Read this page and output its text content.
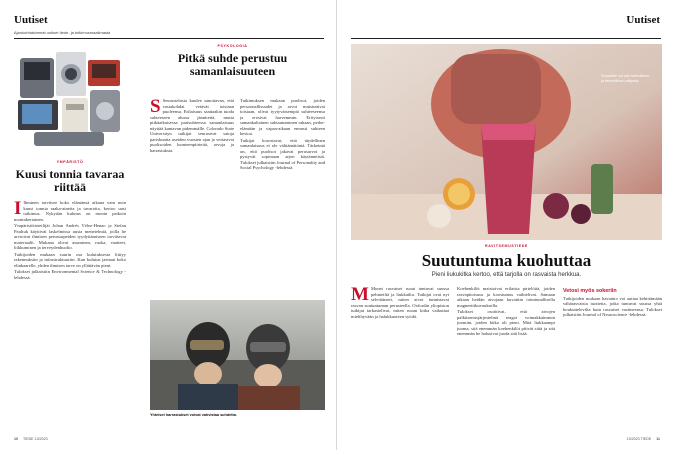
Uutiset
Ajankohtaisimmat uutiset tiede- ja tutkimusmaailmasta
YMPÄRISTÖ
Kuusi tonnia tavaraa riittää

I Ihminen tarvitsee koko elämänsä aikana vain noin kuusi tonnia raaka-aineita ja tavaroita, kertoo uusi tutkimus. Nykyään kulutus on monin paikoin moninkertainen.

Ympäristötieteilijät Johan Andrés Vélez-Henao ja Stefan Pauliuk käyttivät laskelmissa uusia menetelmiä, joilla he arvioivat ihmisen perustarpeiden tyydyttämiseen tarvittavat materiaalit. Mukana olivat asuminen, ruoka, vaatteet, liikkuminen ja terveydenhuolto.

Tutkijoiden mukaan suurin osa kulutuksesta liittyy rakennuksiin ja infrastruktuuriin. Kun kulutus jaetaan koko elinkaarelle, yhden ihmisen tarve on yllättävän pieni.

Tulokset julkaistiin Environmental Science & Technology -lehdessä.

PSYKOLOGIA
Pitkä suhde perustuu samanlaisuuteen

S Seurustelusta kuulee sanottavan, että vastakohdat vetävät toisiaan puoleensa. Erilaisuus saattaakin tuoda suhteeseen alussa jännitettä, mutta pitkäaikaisessa parisuhteessa samanlaisuus näyttää kantavan pidemmälle. Colorado State Universityn tutkijat seurasivat satoja pariskuntia useiden vuosien ajan ja vertasivat puolisoiden luonteenpiirteitä, arvoja ja harrastuksia.

Tutkimuksen mukaan puolisot, joiden persoonallisuudet ja arvot muistuttivat toisiaan, olivat tyytyväisempiä suhteeseensa ja erosivat harvemmin. Erityisesti samankaltainen suhtautuminen rahaan, perhe-elämään ja vapaa-aikaan ennusti suhteen kestoa.

Tutkijat korostavat, että täydellinen samanlaisuus ei ole välttämätöntä. Tärkeintä on, että puolisot jakavat perusarvot ja pystyvät sopimaan arjen käytännöistä. Tulokset julkaistiin Journal of Personality and Social Psychology -lehdessä.

Yhteiset harrastukset voivat vahvistaa suhdetta.
10 TIEDE 13/2023
Uutiset
Smoothie voi olla herkullinen ja terveellinen välipala.
RAVITSEMUSTIEDE
Suutuntuma kuohuttaa
Pieni liukukitka kertoo, että tarjolla on rasvaista herkkua.

M Monet rasvaiset ruoat tuntuvat suussa pehmeiltä ja liukkailta. Tutkijat ovat nyt selvittäneet, miten aivot tunnistavat rasvan suutuntuman perusteella. Oxfordin yliopiston tutkijat tarkastelivat, miten ruoan kitka vaikuttaa mielihyvään ja halukkuuteen syödä.

Koehenkilöt maistoivat erilaisia pirtelöitä, joiden rasvapitoisuus ja koostumus vaihtelivat. Samaan aikaan heidän aivojaan kuvattiin toiminnallisella magneettikuvauksella.

Tulokset osoittivat, että aivojen palkitsemisjärjestelmä reagoi voimakkaimmin juomiin, joiden kitka oli pieni. Mitä liukkaampi juoma, sitä enemmän koehenkilöt pitivät siitä ja sitä enemmän he halusivat juoda sitä lisää.

Vetosi myös sokeriin

Tutkijoiden mukaan havainto voi auttaa kehittämään vähärasvaisia tuotteita, jotka tuntuvat suussa yhtä houkuttelevilta kuin rasvaiset vastineensa. Tulokset julkaistiin Journal of Neuroscience -lehdessä.

13/2023 TIEDE 11
